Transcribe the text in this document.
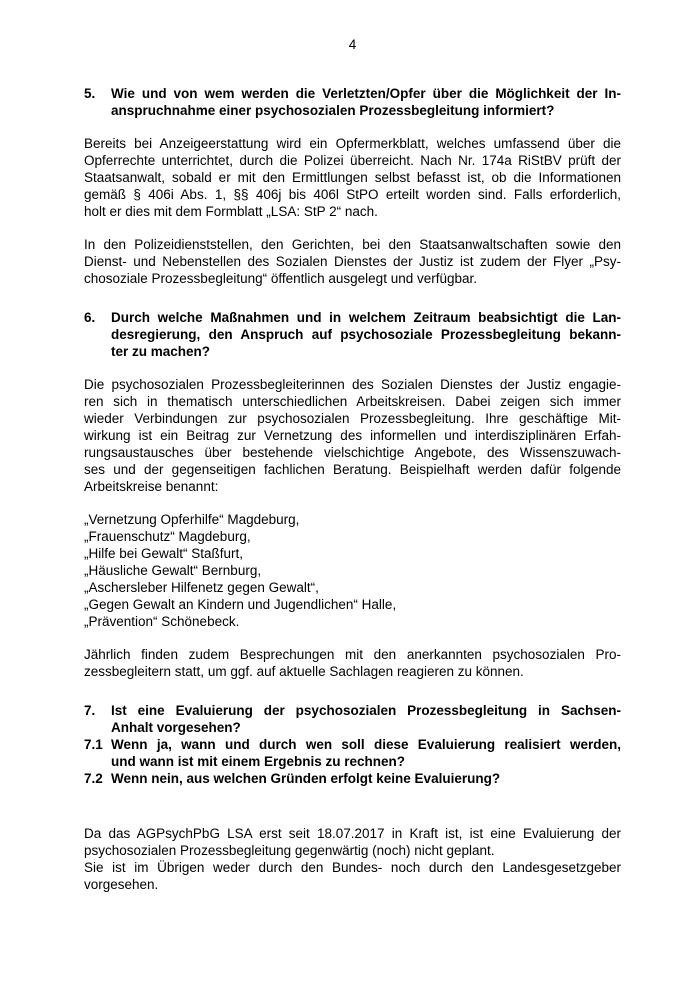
4
5.	Wie und von wem werden die Verletzten/Opfer über die Möglichkeit der In-
anspruchnahme einer psychosozialen Prozessbegleitung informiert?
Bereits bei Anzeigeerstattung wird ein Opfermerkblatt, welches umfassend über die
Opferrechte unterrichtet, durch die Polizei überreicht. Nach Nr. 174a RiStBV prüft der
Staatsanwalt, sobald er mit den Ermittlungen selbst befasst ist, ob die Informationen
gemäß § 406i Abs. 1, §§ 406j bis 406l StPO erteilt worden sind. Falls erforderlich,
holt er dies mit dem Formblatt „LSA: StP 2“ nach.
In den Polizeidienststellen, den Gerichten, bei den Staatsanwaltschaften sowie den
Dienst- und Nebenstellen des Sozialen Dienstes der Justiz ist zudem der Flyer „Psy-
chosoziale Prozessbegleitung“ öffentlich ausgelegt und verfügbar.
6.	Durch welche Maßnahmen und in welchem Zeitraum beabsichtigt die Lan-
desregierung, den Anspruch auf psychosoziale Prozessbegleitung bekann-
ter zu machen?
Die psychosozialen Prozessbegleiterinnen des Sozialen Dienstes der Justiz engagie-
ren sich in thematisch unterschiedlichen Arbeitskreisen. Dabei zeigen sich immer
wieder Verbindungen zur psychosozialen Prozessbegleitung. Ihre geschäftige Mit-
wirkung ist ein Beitrag zur Vernetzung des informellen und interdisziplinären Erfah-
rungsaustausches über bestehende vielschichtige Angebote, des Wissenszuwach-
ses und der gegenseitigen fachlichen Beratung. Beispielhaft werden dafür folgende
Arbeitskreise benannt:
„Vernetzung Opferhilfe“ Magdeburg,
„Frauenschutz“ Magdeburg,
„Hilfe bei Gewalt“ Staßfurt,
„Häusliche Gewalt“ Bernburg,
„Aschersleber Hilfenetz gegen Gewalt“,
„Gegen Gewalt an Kindern und Jugendlichen“ Halle,
„Prävention“ Schönebeck.
Jährlich finden zudem Besprechungen mit den anerkannten psychosozialen Pro-
zessbegleitern statt, um ggf. auf aktuelle Sachlagen reagieren zu können.
7.	Ist eine Evaluierung der psychosozialen Prozessbegleitung in Sachsen-
Anhalt vorgesehen?
7.1 Wenn ja, wann und durch wen soll diese Evaluierung realisiert werden,
und wann ist mit einem Ergebnis zu rechnen?
7.2 Wenn nein, aus welchen Gründen erfolgt keine Evaluierung?
Da das AGPsychPbG LSA erst seit 18.07.2017 in Kraft ist, ist eine Evaluierung der
psychosozialen Prozessbegleitung gegenwärtig (noch) nicht geplant.
Sie ist im Übrigen weder durch den Bundes- noch durch den Landesgesetzgeber
vorgesehen.
